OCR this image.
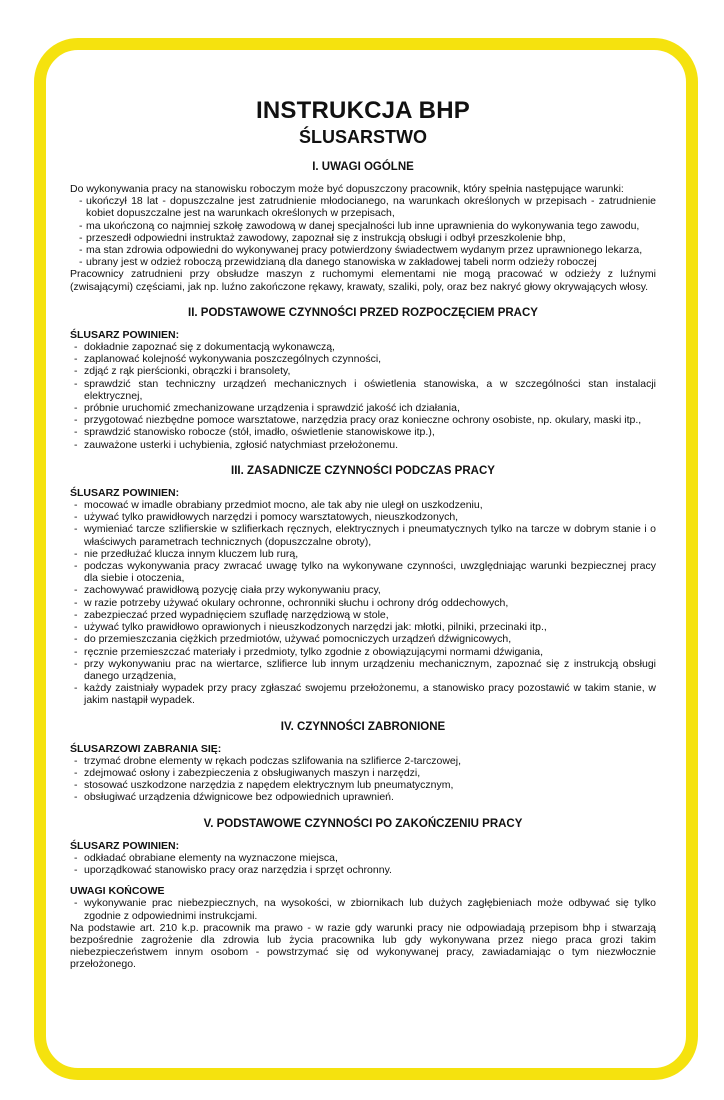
INSTRUKCJA BHP
ŚLUSARSTWO
I. UWAGI OGÓLNE

Do wykonywania pracy na stanowisku roboczym może być dopuszczony pracownik, który spełnia następujące warunki:

- ukończył 18 lat - dopuszczalne jest zatrudnienie młodocianego, na warunkach określonych w przepisach - zatrudnienie kobiet dopuszczalne jest na warunkach określonych w przepisach,
- ma ukończoną co najmniej szkołę zawodową w danej specjalności lub inne uprawnienia do wykonywania tego zawodu,
- przeszedł odpowiedni instruktaż zawodowy, zapoznał się z instrukcją obsługi i odbył przeszkolenie bhp,
- ma stan zdrowia odpowiedni do wykonywanej pracy potwierdzony świadectwem wydanym przez uprawnionego lekarza,
- ubrany jest w odzież roboczą przewidzianą dla danego stanowiska w zakładowej tabeli norm odzieży roboczej

Pracownicy zatrudnieni przy obsłudze maszyn z ruchomymi elementami nie mogą pracować w odzieży z luźnymi (zwisającymi) częściami, jak np. luźno zakończone rękawy, krawaty, szaliki, poly, oraz bez nakryć głowy okrywających włosy.

II. PODSTAWOWE CZYNNOŚCI PRZED ROZPOCZĘCIEM PRACY

ŚLUSARZ POWINIEN:

- dokładnie zapoznać się z dokumentacją wykonawczą,
- zaplanować kolejność wykonywania poszczególnych czynności,
- zdjąć z rąk pierścionki, obrączki i bransolety,
- sprawdzić stan techniczny urządzeń mechanicznych i oświetlenia stanowiska, a w szczególności stan instalacji elektrycznej,
- próbnie uruchomić zmechanizowane urządzenia i sprawdzić jakość ich działania,
- przygotować niezbędne pomoce warsztatowe, narzędzia pracy oraz konieczne ochrony osobiste, np. okulary, maski itp.,
- sprawdzić stanowisko robocze (stół, imadło, oświetlenie stanowiskowe itp.),
- zauważone usterki i uchybienia, zgłosić natychmiast przełożonemu.
III. ZASADNICZE CZYNNOŚCI PODCZAS PRACY

ŚLUSARZ POWINIEN:

- mocować w imadle obrabiany przedmiot mocno, ale tak aby nie uległ on uszkodzeniu,
- używać tylko prawidłowych narzędzi i pomocy warsztatowych, nieuszkodzonych,
- wymieniać tarcze szlifierskie w szlifierkach ręcznych, elektrycznych i pneumatycznych tylko na tarcze w dobrym stanie i o właściwych parametrach technicznych (dopuszczalne obroty),
- nie przedłużać klucza innym kluczem lub rurą,
- podczas wykonywania pracy zwracać uwagę tylko na wykonywane czynności, uwzględniając warunki bezpiecznej pracy dla siebie i otoczenia,
- zachowywać prawidłową pozycję ciała przy wykonywaniu pracy,
- w razie potrzeby używać okulary ochronne, ochronniki słuchu i ochrony dróg oddechowych,
- zabezpieczać przed wypadnięciem szufladę narzędziową w stole,
- używać tylko prawidłowo oprawionych i nieuszkodzonych narzędzi jak: młotki, pilniki, przecinaki itp.,
- do przemieszczania ciężkich przedmiotów, używać pomocniczych urządzeń dźwignicowych,
- ręcznie przemieszczać materiały i przedmioty, tylko zgodnie z obowiązującymi normami dźwigania,
- przy wykonywaniu prac na wiertarce, szlifierce lub innym urządzeniu mechanicznym, zapoznać się z instrukcją obsługi danego urządzenia,
- każdy zaistniały wypadek przy pracy zgłaszać swojemu przełożonemu, a stanowisko pracy pozostawić w takim stanie, w jakim nastąpił wypadek.
IV. CZYNNOŚCI ZABRONIONE

ŚLUSARZOWI ZABRANIA SIĘ:

- trzymać drobne elementy w rękach podczas szlifowania na szlifierce 2-tarczowej,
- zdejmować osłony i zabezpieczenia z obsługiwanych maszyn i narzędzi,
- stosować uszkodzone narzędzia z napędem elektrycznym lub pneumatycznym,
- obsługiwać urządzenia dźwignicowe bez odpowiednich uprawnień.
V. PODSTAWOWE CZYNNOŚCI PO ZAKOŃCZENIU PRACY

ŚLUSARZ POWINIEN:

- odkładać obrabiane elementy na wyznaczone miejsca,
- uporządkować stanowisko pracy oraz narzędzia i sprzęt ochronny.

UWAGI KOŃCOWE

- wykonywanie prac niebezpiecznych, na wysokości, w zbiornikach lub dużych zagłębieniach może odbywać się tylko zgodnie z odpowiednimi instrukcjami.

Na podstawie art. 210 k.p. pracownik ma prawo - w razie gdy warunki pracy nie odpowiadają przepisom bhp i stwarzają bezpośrednie zagrożenie dla zdrowia lub życia pracownika lub gdy wykonywana przez niego praca grozi takim niebezpieczeństwem innym osobom - powstrzymać się od wykonywanej pracy, zawiadamiając o tym niezwłocznie przełożonego.
